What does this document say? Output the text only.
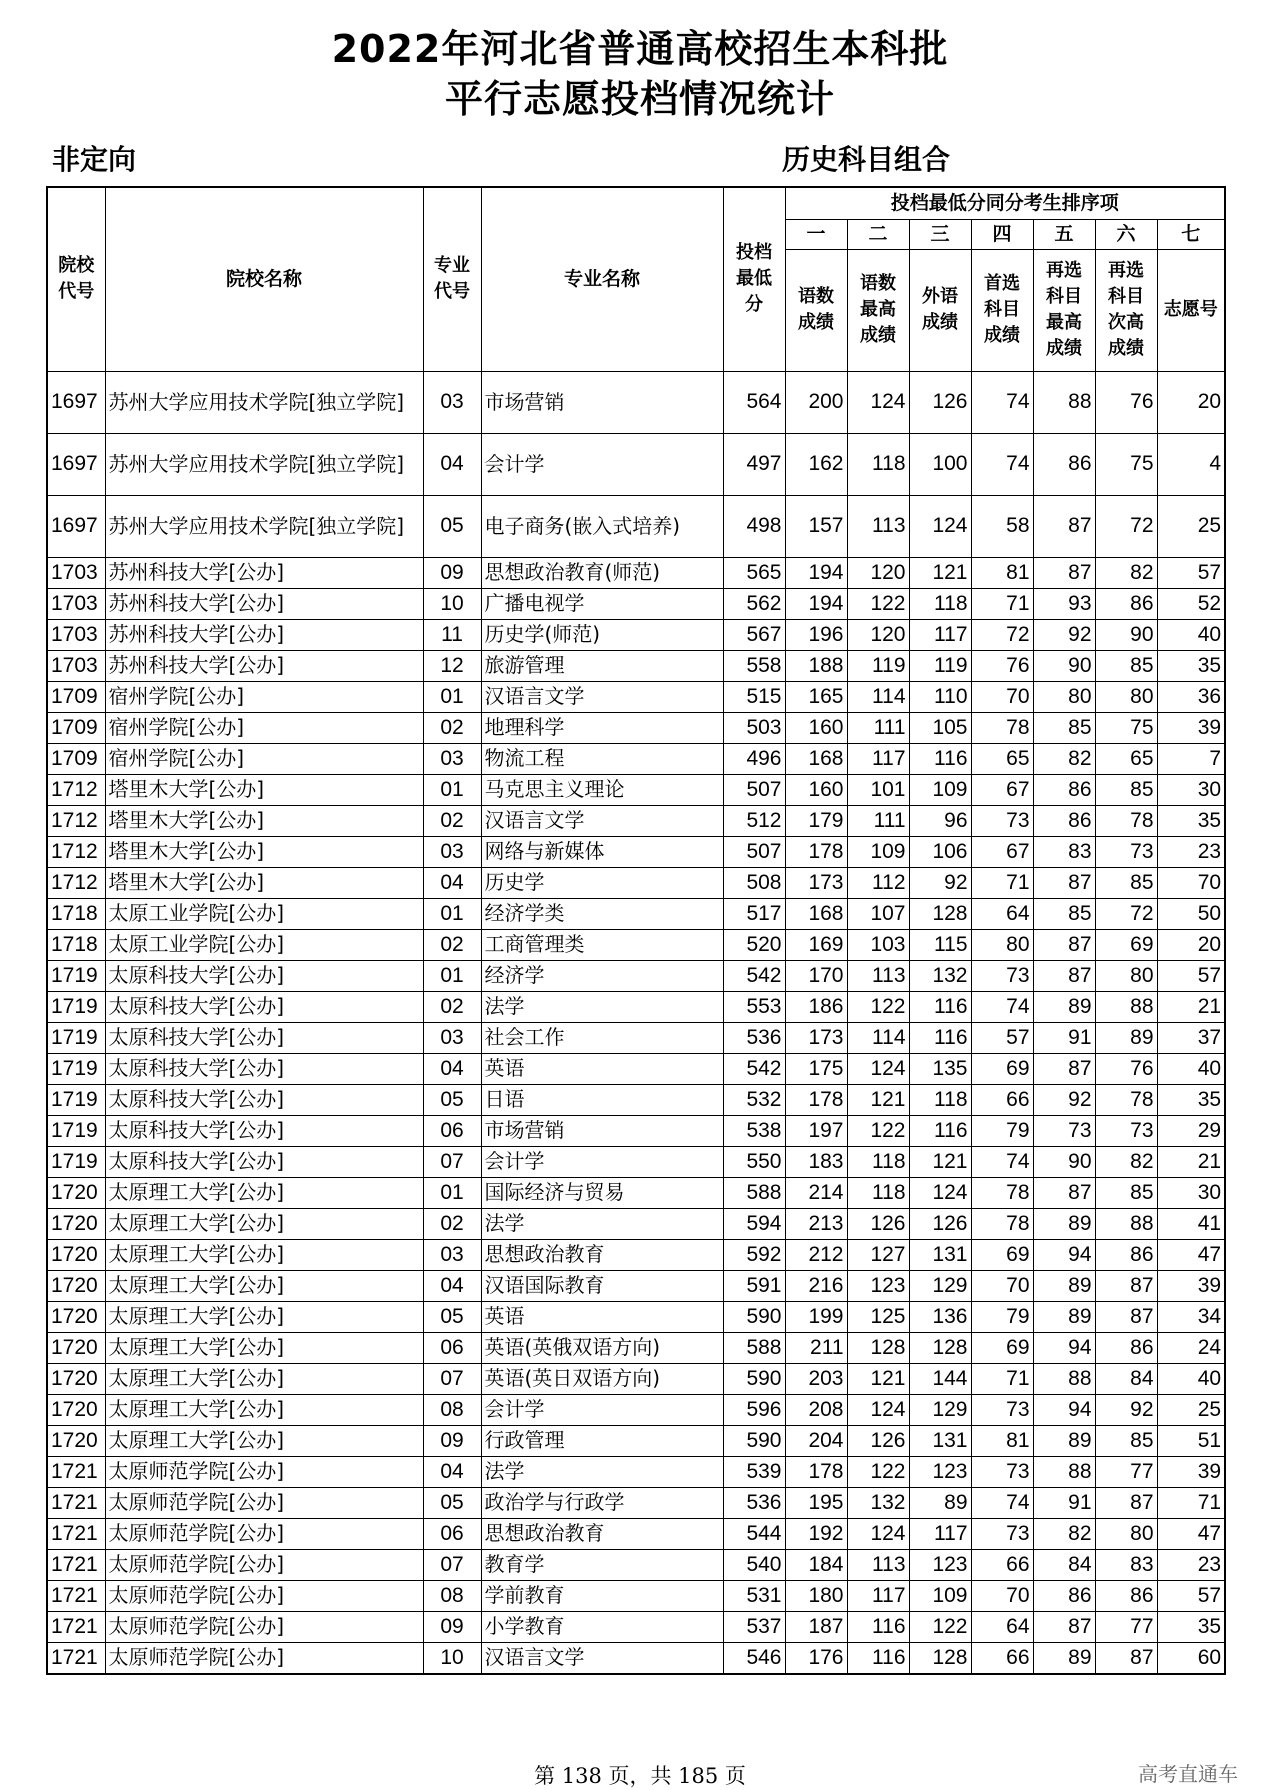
2022年河北省普通高校招生本科批
平行志愿投档情况统计
非定向	历史科目组合
院校代号	院校名称	专业代号	专业名称	投档最低分	投档最低分同分考生排序项						
					一	二	三	四	五	六	七
					语数成绩	语数最高成绩	外语成绩	首选科目成绩	再选科目最高成绩	再选科目次高成绩	志愿号
1697	苏州大学应用技术学院[独立学院]	03	市场营销	564	200	124	126	74	88	76	20
1697	苏州大学应用技术学院[独立学院]	04	会计学	497	162	118	100	74	86	75	4
1697	苏州大学应用技术学院[独立学院]	05	电子商务(嵌入式培养)	498	157	113	124	58	87	72	25
1703	苏州科技大学[公办]	09	思想政治教育(师范)	565	194	120	121	81	87	82	57
1703	苏州科技大学[公办]	10	广播电视学	562	194	122	118	71	93	86	52
1703	苏州科技大学[公办]	11	历史学(师范)	567	196	120	117	72	92	90	40
1703	苏州科技大学[公办]	12	旅游管理	558	188	119	119	76	90	85	35
1709	宿州学院[公办]	01	汉语言文学	515	165	114	110	70	80	80	36
1709	宿州学院[公办]	02	地理科学	503	160	111	105	78	85	75	39
1709	宿州学院[公办]	03	物流工程	496	168	117	116	65	82	65	7
1712	塔里木大学[公办]	01	马克思主义理论	507	160	101	109	67	86	85	30
1712	塔里木大学[公办]	02	汉语言文学	512	179	111	96	73	86	78	35
1712	塔里木大学[公办]	03	网络与新媒体	507	178	109	106	67	83	73	23
1712	塔里木大学[公办]	04	历史学	508	173	112	92	71	87	85	70
1718	太原工业学院[公办]	01	经济学类	517	168	107	128	64	85	72	50
1718	太原工业学院[公办]	02	工商管理类	520	169	103	115	80	87	69	20
1719	太原科技大学[公办]	01	经济学	542	170	113	132	73	87	80	57
1719	太原科技大学[公办]	02	法学	553	186	122	116	74	89	88	21
1719	太原科技大学[公办]	03	社会工作	536	173	114	116	57	91	89	37
1719	太原科技大学[公办]	04	英语	542	175	124	135	69	87	76	40
1719	太原科技大学[公办]	05	日语	532	178	121	118	66	92	78	35
1719	太原科技大学[公办]	06	市场营销	538	197	122	116	79	73	73	29
1719	太原科技大学[公办]	07	会计学	550	183	118	121	74	90	82	21
1720	太原理工大学[公办]	01	国际经济与贸易	588	214	118	124	78	87	85	30
1720	太原理工大学[公办]	02	法学	594	213	126	126	78	89	88	41
1720	太原理工大学[公办]	03	思想政治教育	592	212	127	131	69	94	86	47
1720	太原理工大学[公办]	04	汉语国际教育	591	216	123	129	70	89	87	39
1720	太原理工大学[公办]	05	英语	590	199	125	136	79	89	87	34
1720	太原理工大学[公办]	06	英语(英俄双语方向)	588	211	128	128	69	94	86	24
1720	太原理工大学[公办]	07	英语(英日双语方向)	590	203	121	144	71	88	84	40
1720	太原理工大学[公办]	08	会计学	596	208	124	129	73	94	92	25
1720	太原理工大学[公办]	09	行政管理	590	204	126	131	81	89	85	51
1721	太原师范学院[公办]	04	法学	539	178	122	123	73	88	77	39
1721	太原师范学院[公办]	05	政治学与行政学	536	195	132	89	74	91	87	71
1721	太原师范学院[公办]	06	思想政治教育	544	192	124	117	73	82	80	47
1721	太原师范学院[公办]	07	教育学	540	184	113	123	66	84	83	23
1721	太原师范学院[公办]	08	学前教育	531	180	117	109	70	86	86	57
1721	太原师范学院[公办]	09	小学教育	537	187	116	122	64	87	77	35
1721	太原师范学院[公办]	10	汉语言文学	546	176	116	128	66	89	87	60
第 138 页，共 185 页	高考直通车
